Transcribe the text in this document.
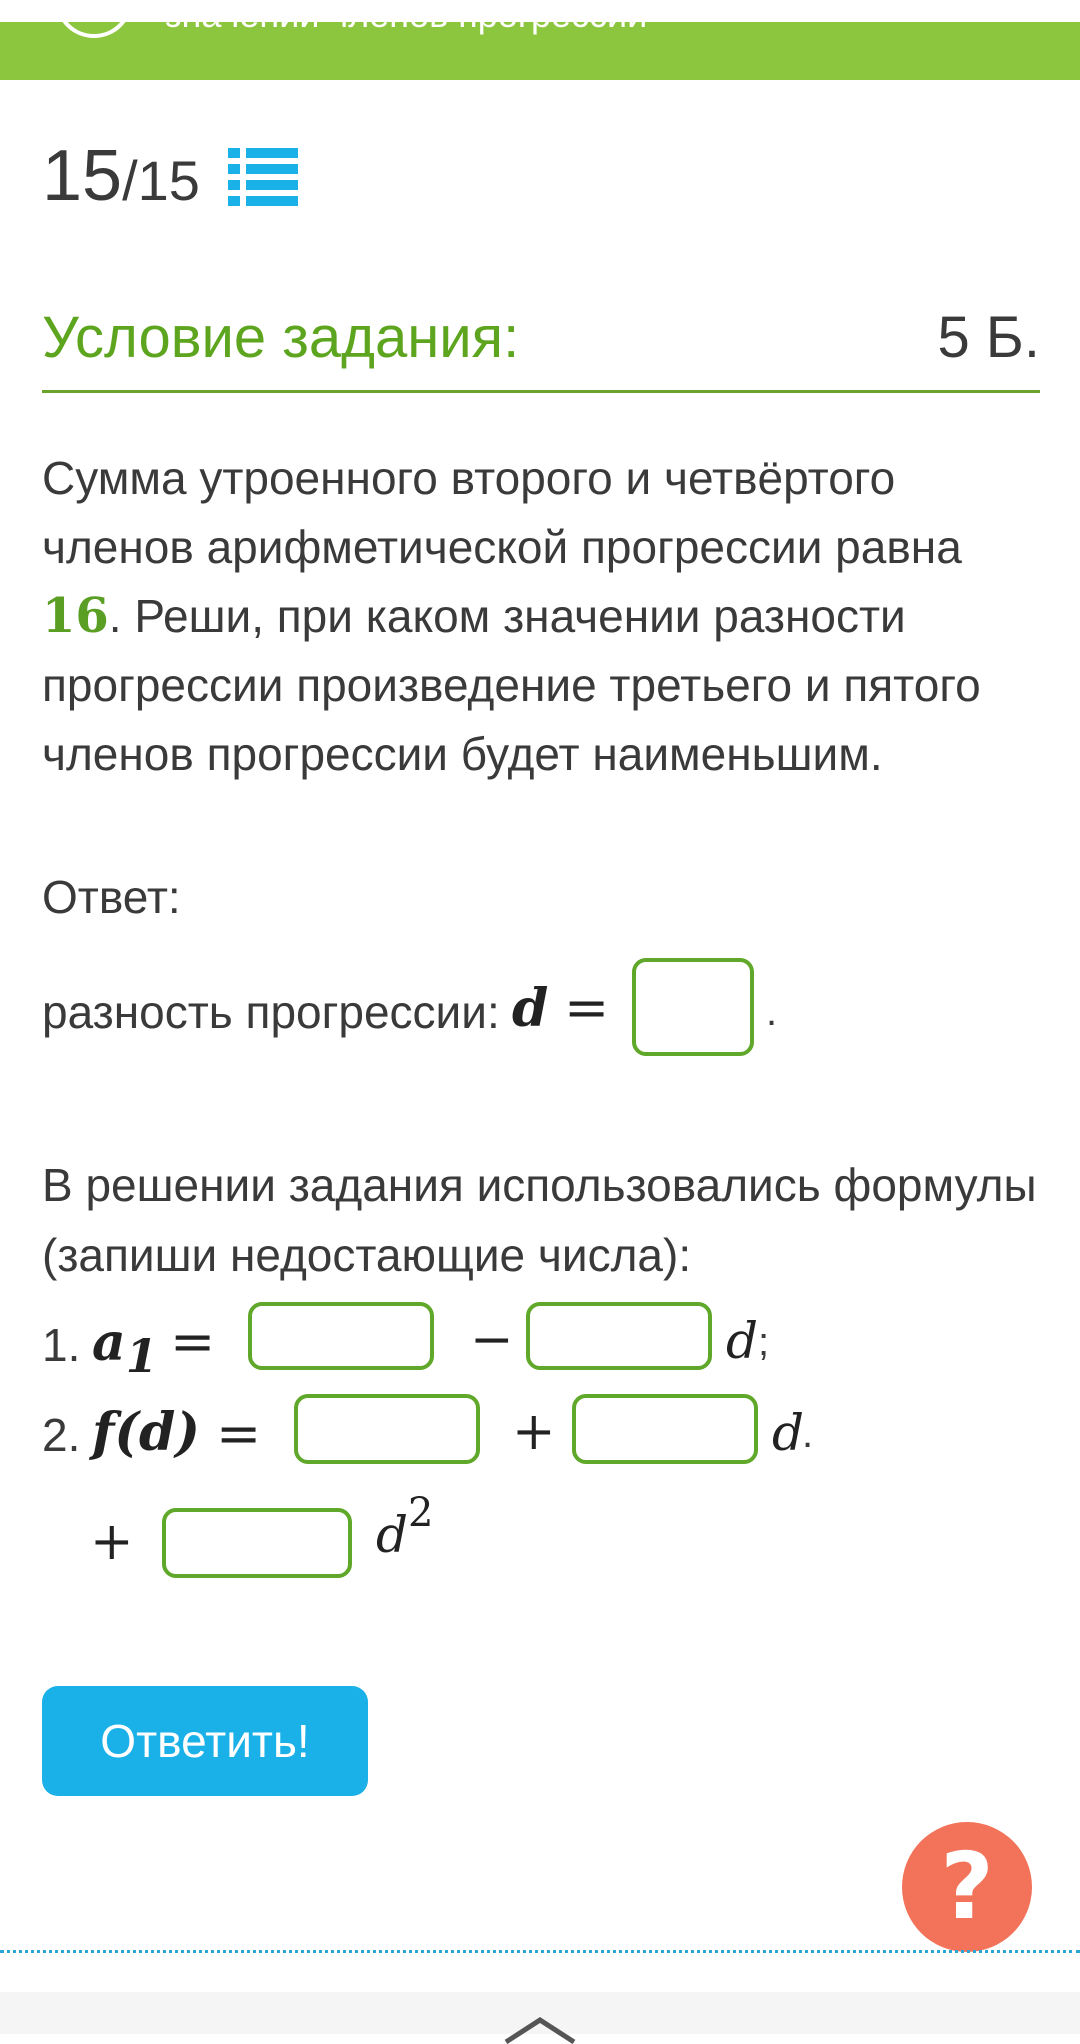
значений членов прогрессии
15/15
Условие задания:	5 Б.
Сумма утроенного второго и четвёртого членов арифметической прогрессии равна 16. Реши, при каком значении разности прогрессии произведение третьего и пятого членов прогрессии будет наименьшим.
Ответ:
разность прогрессии: d =	.
В решении задания использовались формулы (запиши недостающие числа):
1. a1 =	−	d ;
2. f(d) =	+	d
.
+	$d^2$
Ответить!
?
